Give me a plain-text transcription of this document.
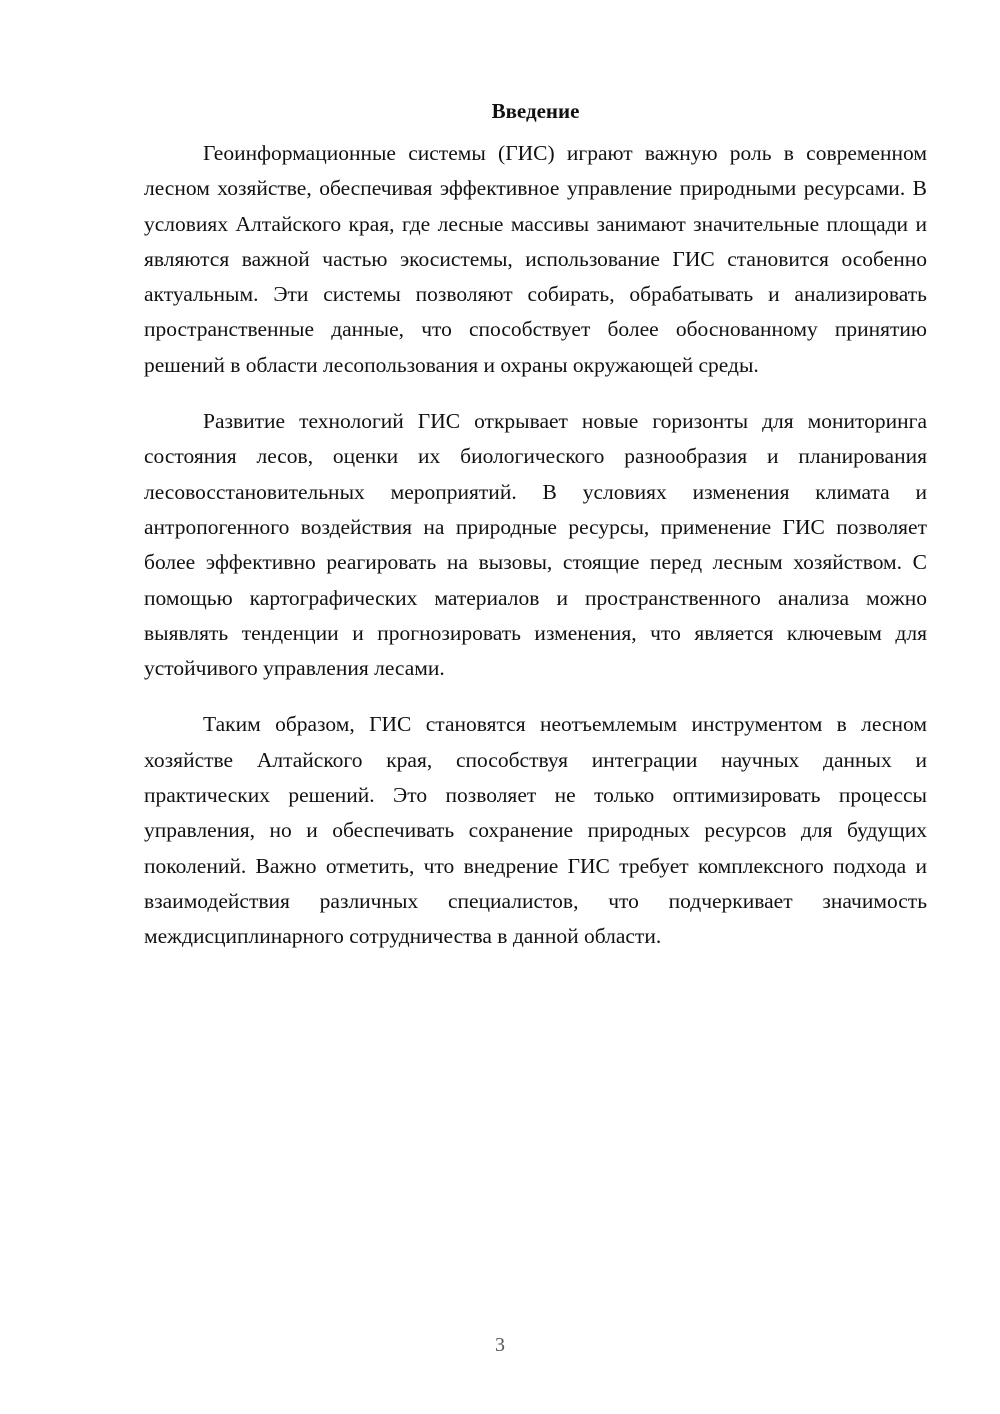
Введение

Геоинформационные системы (ГИС) играют важную роль в современном лесном хозяйстве, обеспечивая эффективное управление природными ресурсами. В условиях Алтайского края, где лесные массивы занимают значительные площади и являются важной частью экосистемы, использование ГИС становится особенно актуальным. Эти системы позволяют собирать, обрабатывать и анализировать пространственные данные, что способствует более обоснованному принятию решений в области лесопользования и охраны окружающей среды.

Развитие технологий ГИС открывает новые горизонты для мониторинга состояния лесов, оценки их биологического разнообразия и планирования лесовосстановительных мероприятий. В условиях изменения климата и антропогенного воздействия на природные ресурсы, применение ГИС позволяет более эффективно реагировать на вызовы, стоящие перед лесным хозяйством. С помощью картографических материалов и пространственного анализа можно выявлять тенденции и прогнозировать изменения, что является ключевым для устойчивого управления лесами.

Таким образом, ГИС становятся неотъемлемым инструментом в лесном хозяйстве Алтайского края, способствуя интеграции научных данных и практических решений. Это позволяет не только оптимизировать процессы управления, но и обеспечивать сохранение природных ресурсов для будущих поколений. Важно отметить, что внедрение ГИС требует комплексного подхода и взаимодействия различных специалистов, что подчеркивает значимость междисциплинарного сотрудничества в данной области.

3
